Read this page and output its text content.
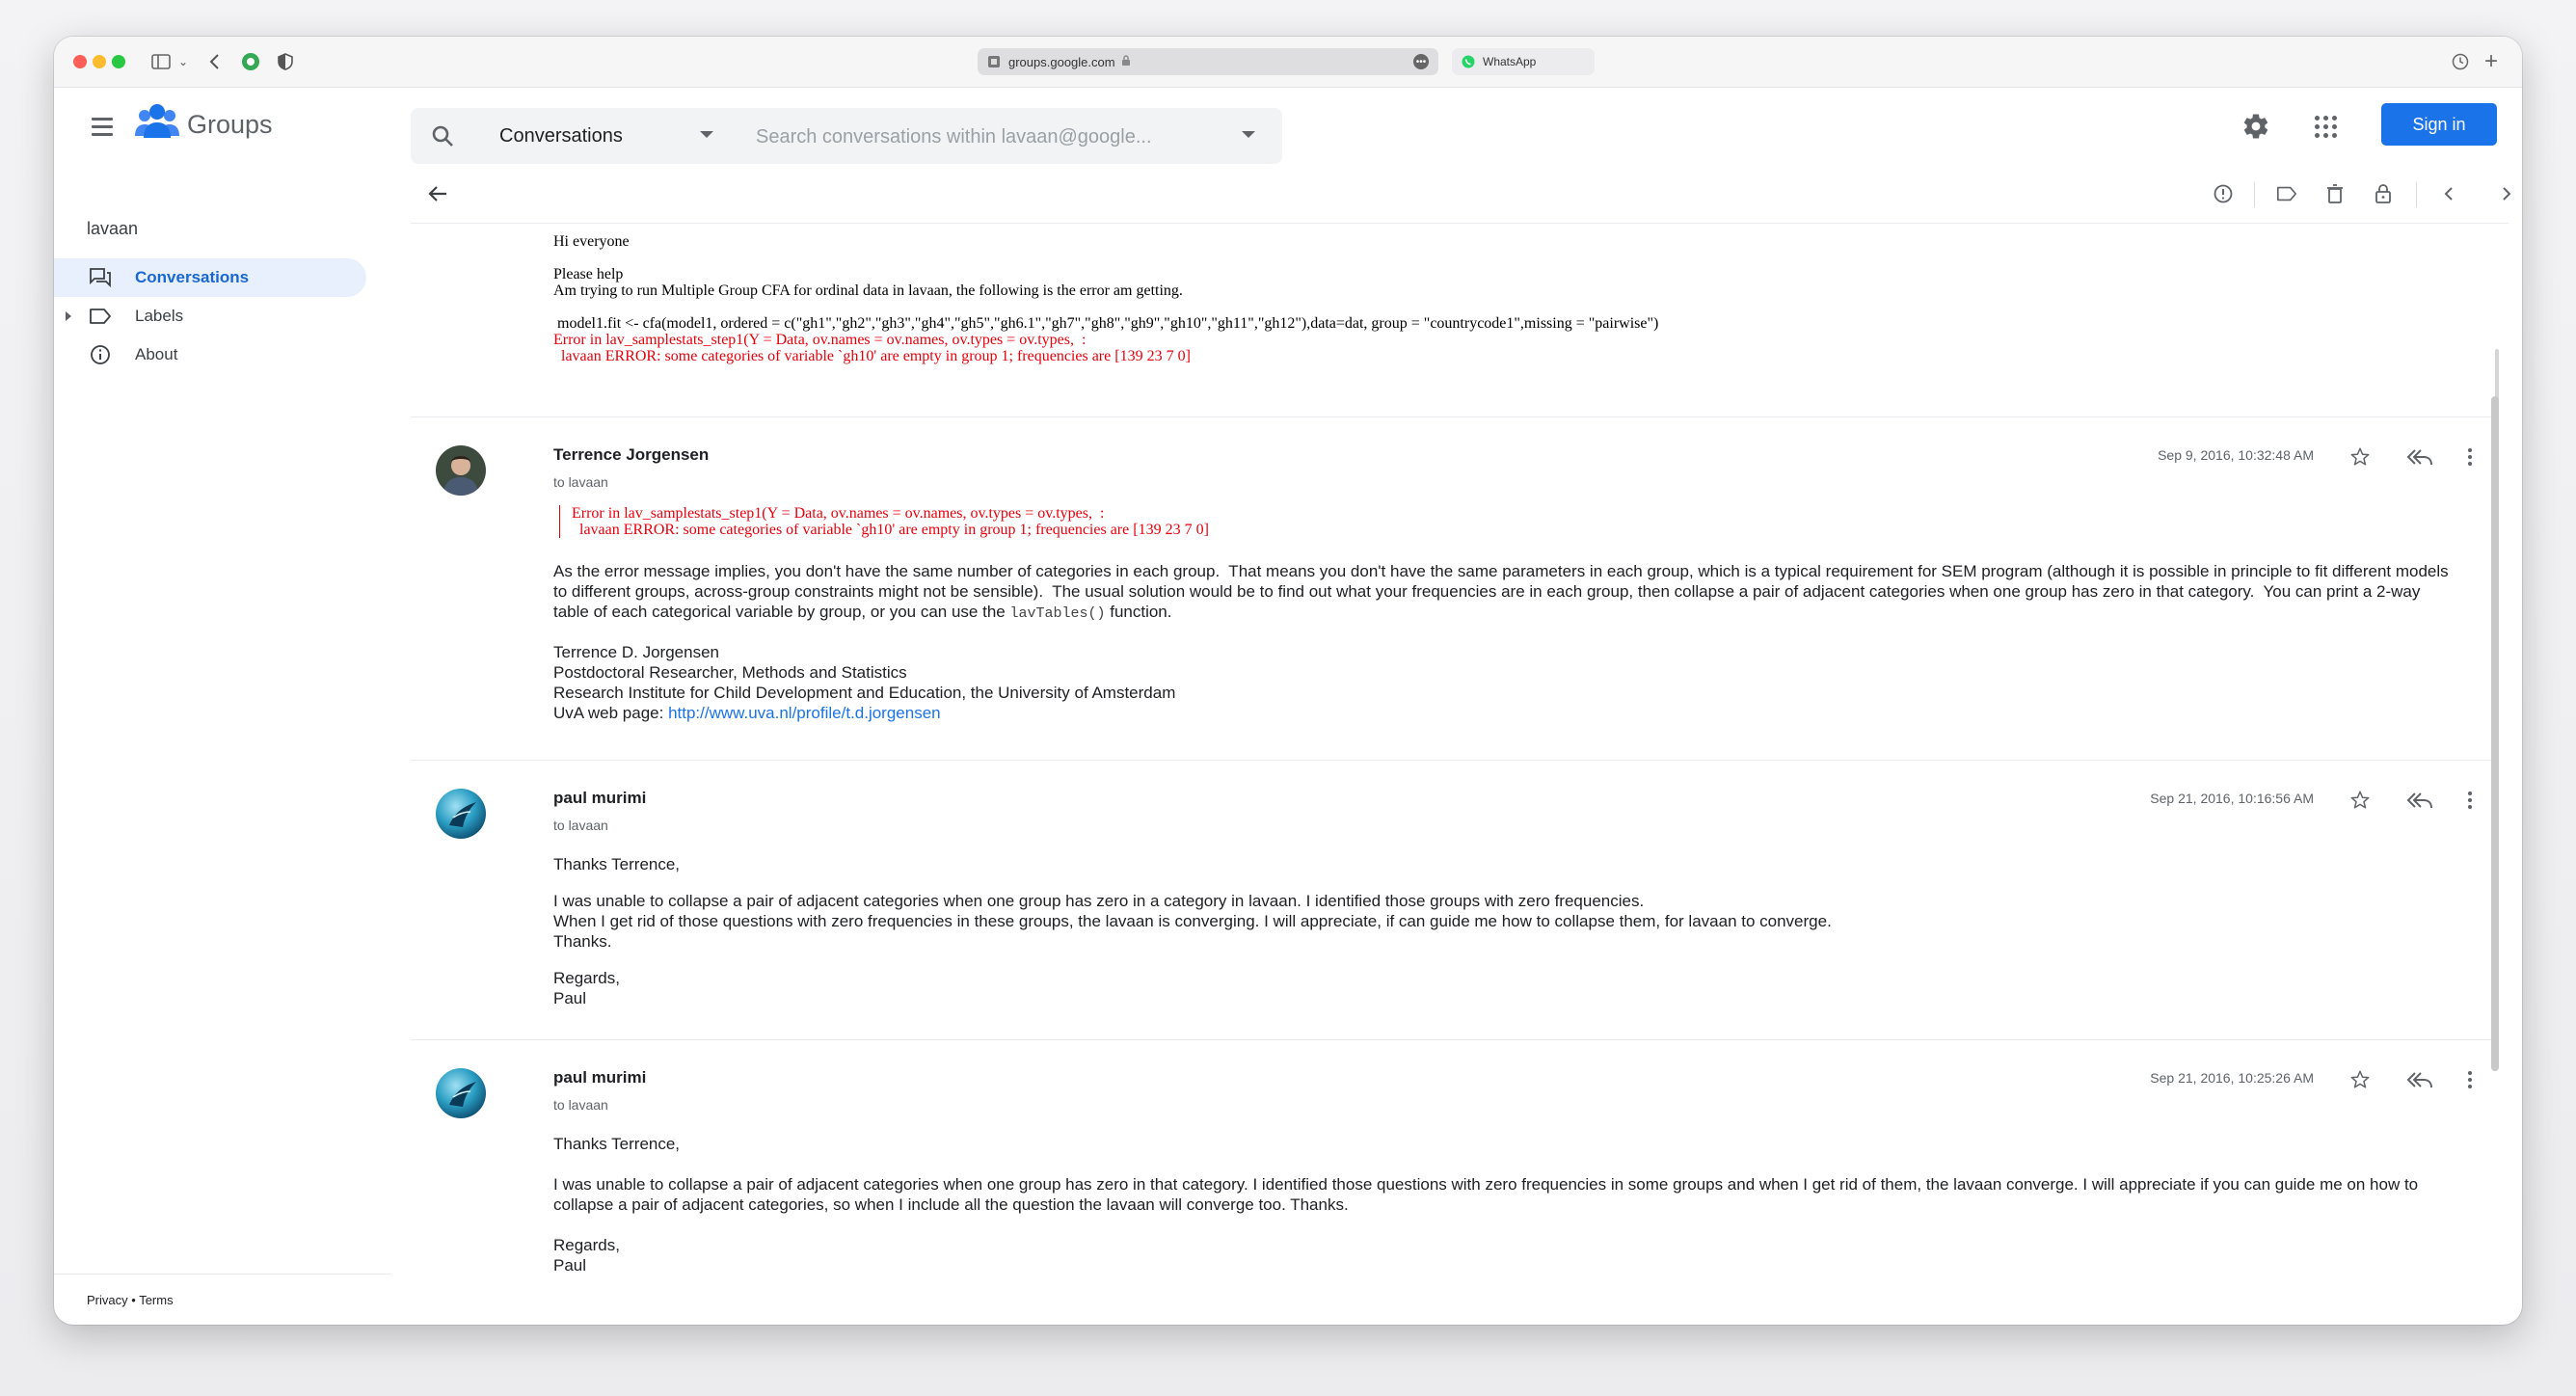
⌄	groups.google.com	•••	WhatsApp	+
Groups	Conversations
Search conversations within lavaan@google...
Sign in
lavaan
Conversations
Labels
About
Privacy • Terms
Hi everyone
Please help
Am trying to run Multiple Group CFA for ordinal data in lavaan, the following is the error am getting.
model1.fit <- cfa(model1, ordered = c("gh1","gh2","gh3","gh4","gh5","gh6.1","gh7","gh8","gh9","gh10","gh11","gh12"),data=dat, group = "countrycode1",missing = "pairwise")
Error in lav_samplestats_step1(Y = Data, ov.names = ov.names, ov.types = ov.types,  :
lavaan ERROR: some categories of variable `gh10' are empty in group 1; frequencies are [139 23 7 0]
Terrence Jorgensen
to lavaan
Sep 9, 2016, 10:32:48 AM
Error in lav_samplestats_step1(Y = Data, ov.names = ov.names, ov.types = ov.types,  :
lavaan ERROR: some categories of variable `gh10' are empty in group 1; frequencies are [139 23 7 0]
As the error message implies, you don't have the same number of categories in each group.  That means you don't have the same parameters in each group, which is a typical requirement for SEM program (although it is possible in principle to fit different models
to different groups, across-group constraints might not be sensible).  The usual solution would be to find out what your frequencies are in each group, then collapse a pair of adjacent categories when one group has zero in that category.  You can print a 2-way
table of each categorical variable by group, or you can use the lavTables() function.
Terrence D. Jorgensen
Postdoctoral Researcher, Methods and Statistics
Research Institute for Child Development and Education, the University of Amsterdam
UvA web page: http://www.uva.nl/profile/t.d.jorgensen
paul murimi
to lavaan
Sep 21, 2016, 10:16:56 AM
Thanks Terrence,
I was unable to collapse a pair of adjacent categories when one group has zero in a category in lavaan. I identified those groups with zero frequencies.
When I get rid of those questions with zero frequencies in these groups, the lavaan is converging. I will appreciate, if can guide me how to collapse them, for lavaan to converge.
Thanks.
Regards,
Paul
paul murimi
to lavaan
Sep 21, 2016, 10:25:26 AM
Thanks Terrence,
I was unable to collapse a pair of adjacent categories when one group has zero in that category. I identified those questions with zero frequencies in some groups and when I get rid of them, the lavaan converge. I will appreciate if you can guide me on how to
collapse a pair of adjacent categories, so when I include all the question the lavaan will converge too. Thanks.
Regards,
Paul
